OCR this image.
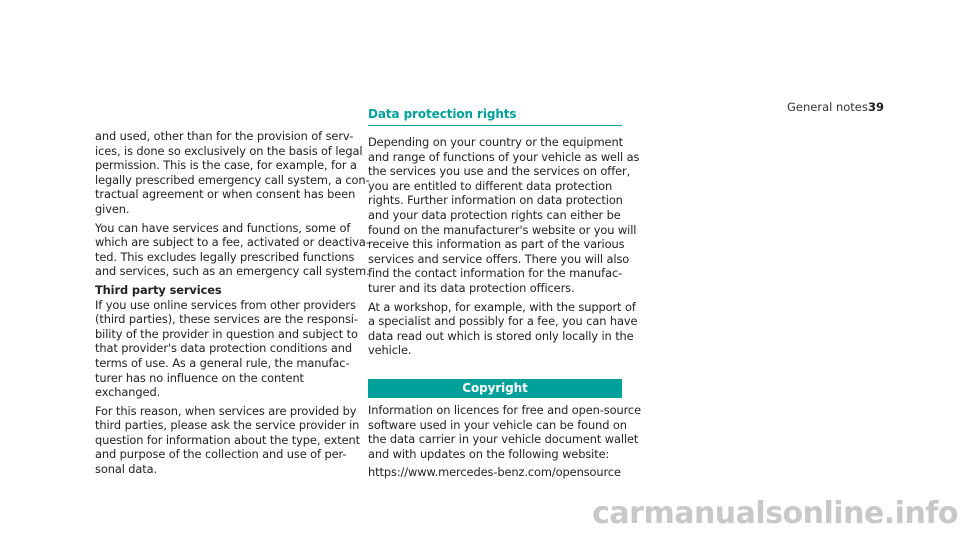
General notes 39

and used, other than for the provision of serv-
ices, is done so exclusively on the basis of legal
permission. This is the case, for example, for a
legally prescribed emergency call system, a con-
tractual agreement or when consent has been
given.

You can have services and functions, some of
which are subject to a fee, activated or deactiva-
ted. This excludes legally prescribed functions
and services, such as an emergency call system.

Third party services

If you use online services from other providers
(third parties), these services are the responsi-
bility of the provider in question and subject to
that provider's data protection conditions and
terms of use. As a general rule, the manufac-
turer has no influence on the content
exchanged.

For this reason, when services are provided by
third parties, please ask the service provider in
question for information about the type, extent
and purpose of the collection and use of per-
sonal data.

Data protection rights

Depending on your country or the equipment
and range of functions of your vehicle as well as
the services you use and the services on offer,
you are entitled to different data protection
rights. Further information on data protection
and your data protection rights can either be
found on the manufacturer's website or you will
receive this information as part of the various
services and service offers. There you will also
find the contact information for the manufac-
turer and its data protection officers.

At a workshop, for example, with the support of
a specialist and possibly for a fee, you can have
data read out which is stored only locally in the
vehicle.

Copyright

Information on licences for free and open-source
software used in your vehicle can be found on
the data carrier in your vehicle document wallet
and with updates on the following website:

https://www.mercedes-benz.com/opensource

carmanualsonline.info
